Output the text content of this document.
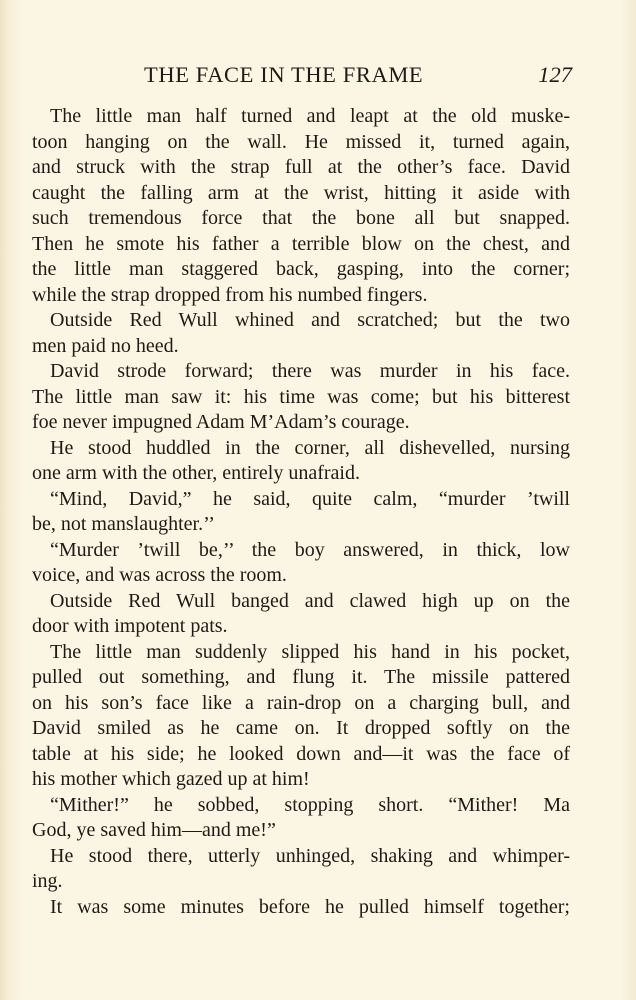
THE FACE IN THE FRAME	127
The little man half turned and leapt at the old muske-
toon hanging on the wall. He missed it, turned again,
and struck with the strap full at the other’s face. David
caught the falling arm at the wrist, hitting it aside with
such tremendous force that the bone all but snapped.
Then he smote his father a terrible blow on the chest, and
the little man staggered back, gasping, into the corner;
while the strap dropped from his numbed fingers.
Outside Red Wull whined and scratched; but the two
men paid no heed.
David strode forward; there was murder in his face.
The little man saw it: his time was come; but his bitterest
foe never impugned Adam M’Adam’s courage.
He stood huddled in the corner, all dishevelled, nursing
one arm with the other, entirely unafraid.
“Mind, David,” he said, quite calm, “murder ’twill
be, not manslaughter.’’
“Murder ’twill be,’’ the boy answered, in thick, low
voice, and was across the room.
Outside Red Wull banged and clawed high up on the
door with impotent pats.
The little man suddenly slipped his hand in his pocket,
pulled out something, and flung it. The missile pattered
on his son’s face like a rain-drop on a charging bull, and
David smiled as he came on. It dropped softly on the
table at his side; he looked down and—it was the face of
his mother which gazed up at him!
“Mither!” he sobbed, stopping short. “Mither! Ma
God, ye saved him—and me!”
He stood there, utterly unhinged, shaking and whimper-
ing.
It was some minutes before he pulled himself together;
